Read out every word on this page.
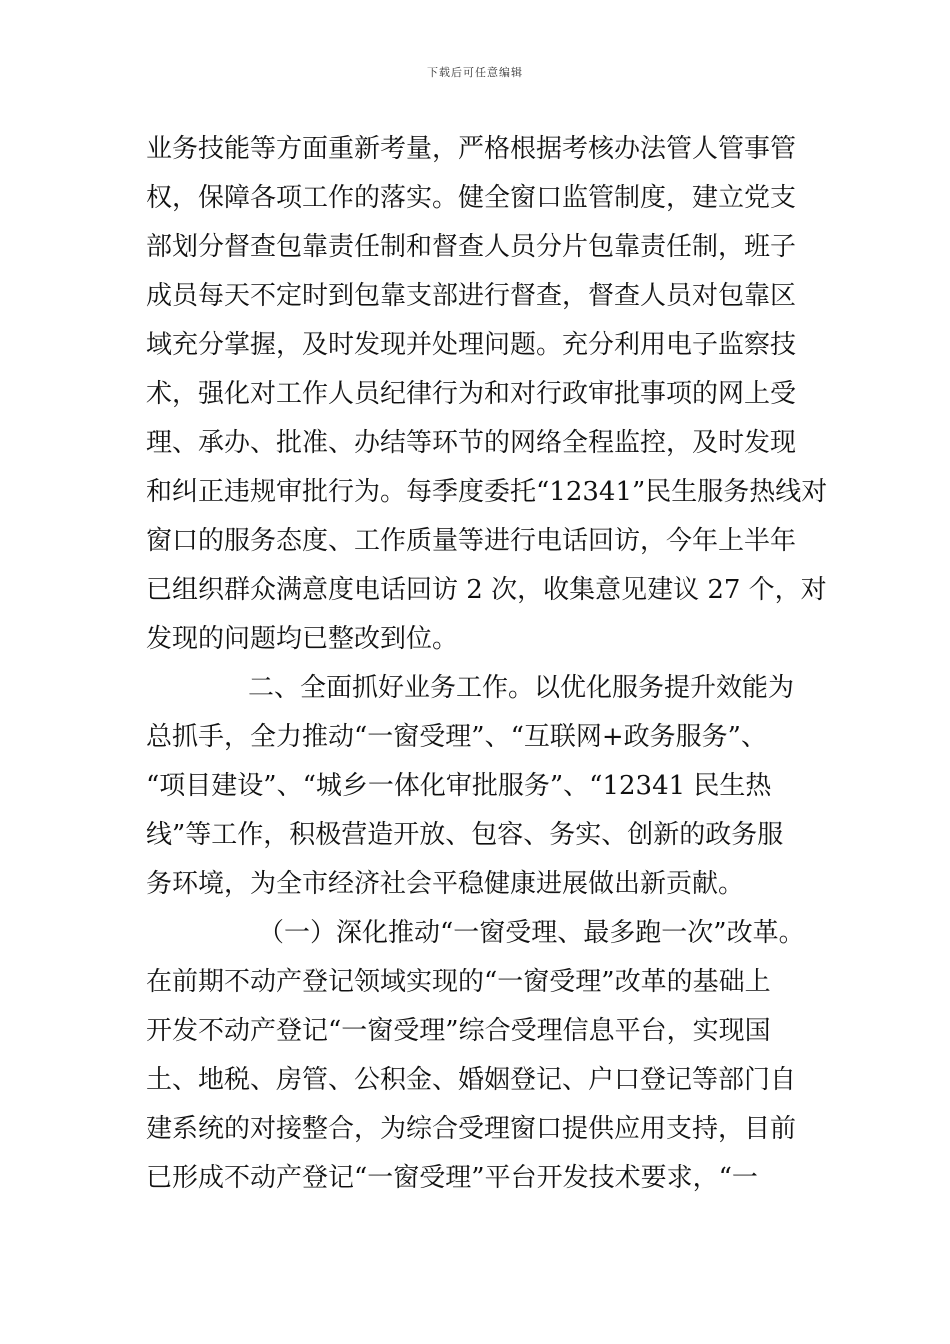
下载后可任意编辑
业务技能等方面重新考量，严格根据考核办法管人管事管
权，保障各项工作的落实。健全窗口监管制度，建立党支
部划分督查包靠责任制和督查人员分片包靠责任制，班子
成员每天不定时到包靠支部进行督查，督查人员对包靠区
域充分掌握，及时发现并处理问题。充分利用电子监察技
术，强化对工作人员纪律行为和对行政审批事项的网上受
理、承办、批准、办结等环节的网络全程监控，及时发现
和纠正违规审批行为。每季度委托“12341”民生服务热线对
窗口的服务态度、工作质量等进行电话回访，今年上半年
已组织群众满意度电话回访 2 次，收集意见建议 27 个，对
发现的问题均已整改到位。
二、全面抓好业务工作。以优化服务提升效能为
总抓手，全力推动“一窗受理”、“互联网+政务服务”、
“项目建设”、“城乡一体化审批服务”、“12341 民生热
线”等工作，积极营造开放、包容、务实、创新的政务服
务环境，为全市经济社会平稳健康进展做出新贡献。
（一）深化推动“一窗受理、最多跑一次”改革。
在前期不动产登记领域实现的“一窗受理”改革的基础上
开发不动产登记“一窗受理”综合受理信息平台，实现国
土、地税、房管、公积金、婚姻登记、户口登记等部门自
建系统的对接整合，为综合受理窗口提供应用支持，目前
已形成不动产登记“一窗受理”平台开发技术要求，“一
